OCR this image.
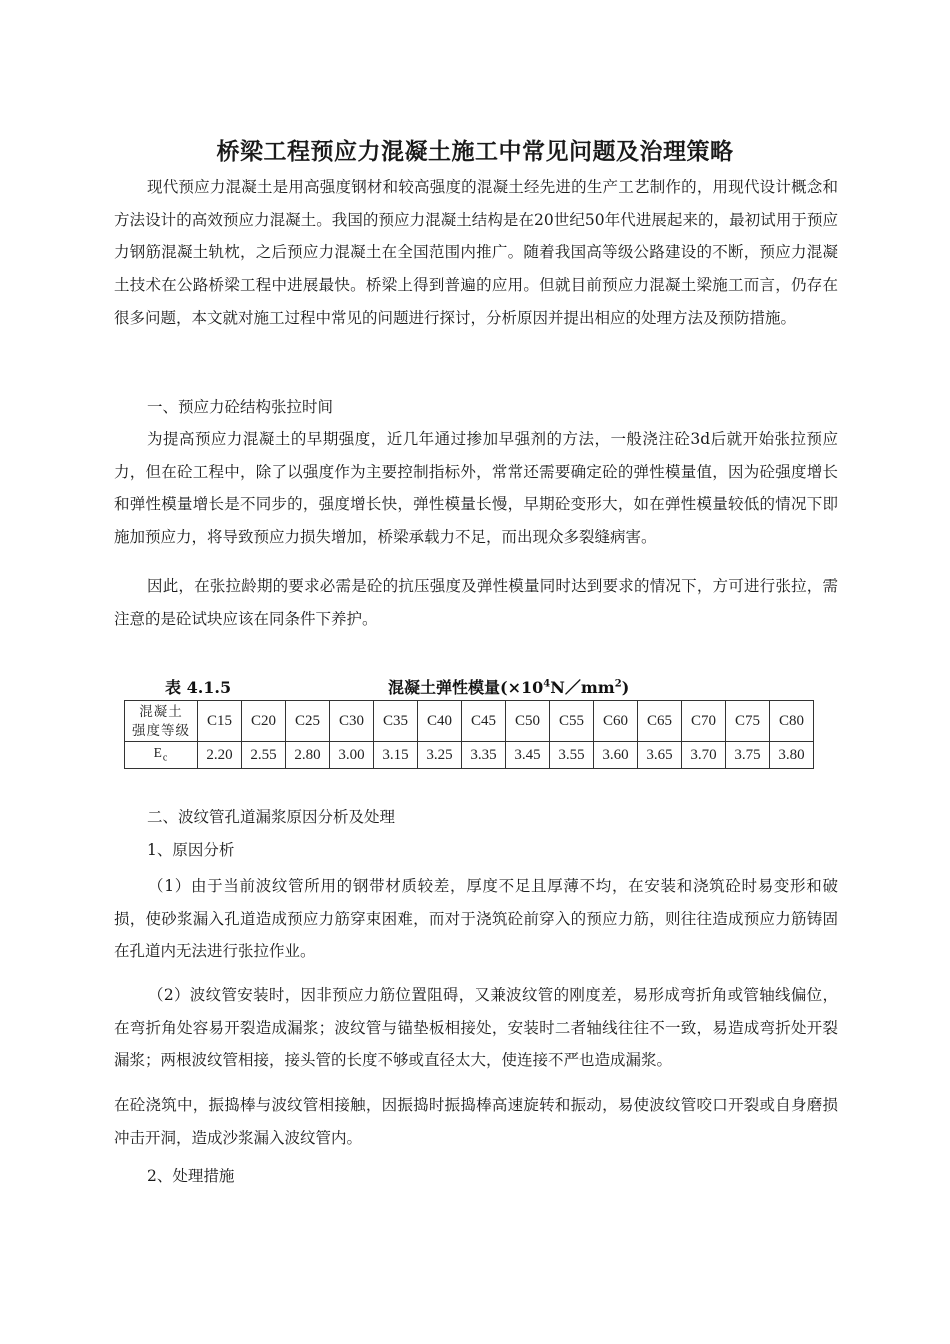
桥梁工程预应力混凝土施工中常见问题及治理策略

现代预应力混凝土是用高强度钢材和较高强度的混凝土经先进的生产工艺制作的，用现代设计概念和方法设计的高效预应力混凝土。我国的预应力混凝土结构是在20世纪50年代进展起来的，最初试用于预应力钢筋混凝土轨枕，之后预应力混凝土在全国范围内推广。随着我国高等级公路建设的不断，预应力混凝土技术在公路桥梁工程中进展最快。桥梁上得到普遍的应用。但就目前预应力混凝土梁施工而言，仍存在很多问题，本文就对施工过程中常见的问题进行探讨，分析原因并提出相应的处理方法及预防措施。

一、预应力砼结构张拉时间

为提高预应力混凝土的早期强度，近几年通过掺加早强剂的方法，一般浇注砼3d后就开始张拉预应力，但在砼工程中，除了以强度作为主要控制指标外，常常还需要确定砼的弹性模量值，因为砼强度增长和弹性模量增长是不同步的，强度增长快，弹性模量长慢，早期砼变形大，如在弹性模量较低的情况下即施加预应力，将导致预应力损失增加，桥梁承载力不足，而出现众多裂缝病害。

因此，在张拉龄期的要求必需是砼的抗压强度及弹性模量同时达到要求的情况下，方可进行张拉，需注意的是砼试块应该在同条件下养护。

表 4.1.5	混凝土弹性模量$(\times 10^4N/mm^2)$
混凝土
强度等级	C15	C20	C25	C30	C35	C40	C45	C50	C55	C60	C65	C70	C75	C80
$E_c$	2.20	2.55	2.80	3.00	3.15	3.25	3.35	3.45	3.55	3.60	3.65	3.70	3.75	3.80

二、波纹管孔道漏浆原因分析及处理

1、原因分析

（1）由于当前波纹管所用的钢带材质较差，厚度不足且厚薄不均，在安装和浇筑砼时易变形和破损，使砂浆漏入孔道造成预应力筋穿束困难，而对于浇筑砼前穿入的预应力筋，则往往造成预应力筋铸固在孔道内无法进行张拉作业。

（2）波纹管安装时，因非预应力筋位置阻碍，又兼波纹管的刚度差，易形成弯折角或管轴线偏位，在弯折角处容易开裂造成漏浆；波纹管与锚垫板相接处，安装时二者轴线往往不一致，易造成弯折处开裂漏浆；两根波纹管相接，接头管的长度不够或直径太大，使连接不严也造成漏浆。

在砼浇筑中，振捣棒与波纹管相接触，因振捣时振捣棒高速旋转和振动，易使波纹管咬口开裂或自身磨损冲击开洞，造成沙浆漏入波纹管内。

2、处理措施
